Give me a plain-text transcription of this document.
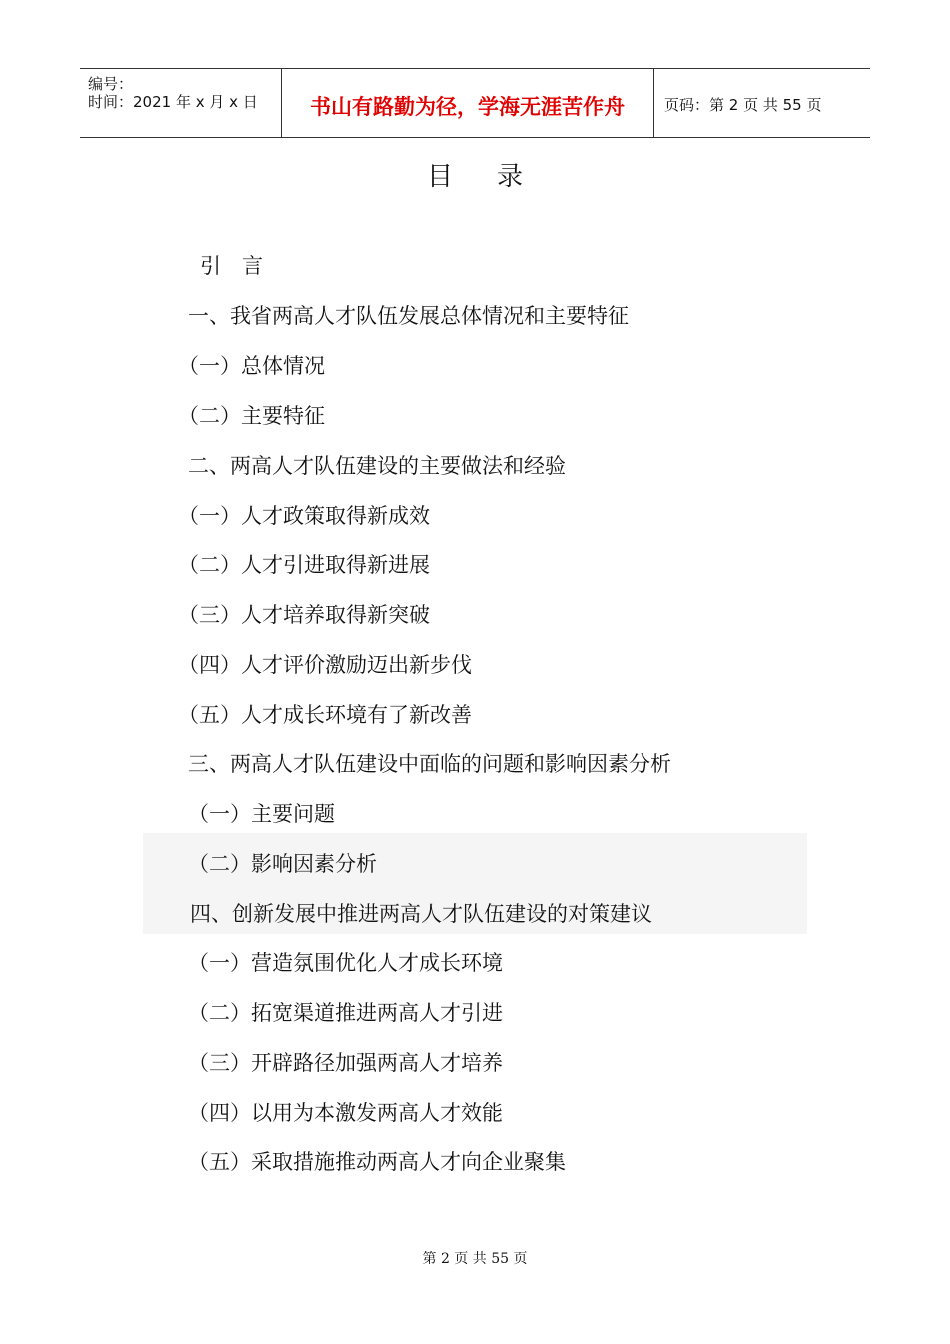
编号：
时间：2021 年 x 月 x 日	书山有路勤为径，学海无涯苦作舟	页码：第 2 页 共 55 页
目录
引　言
一、我省两高人才队伍发展总体情况和主要特征
（一）总体情况
（二）主要特征
二、两高人才队伍建设的主要做法和经验
（一）人才政策取得新成效
（二）人才引进取得新进展
（三）人才培养取得新突破
（四）人才评价激励迈出新步伐
（五）人才成长环境有了新改善
三、两高人才队伍建设中面临的问题和影响因素分析
（一）主要问题
（二）影响因素分析
四、创新发展中推进两高人才队伍建设的对策建议
（一）营造氛围优化人才成长环境
（二）拓宽渠道推进两高人才引进
（三）开辟路径加强两高人才培养
（四）以用为本激发两高人才效能
（五）采取措施推动两高人才向企业聚集
第 2 页 共 55 页
